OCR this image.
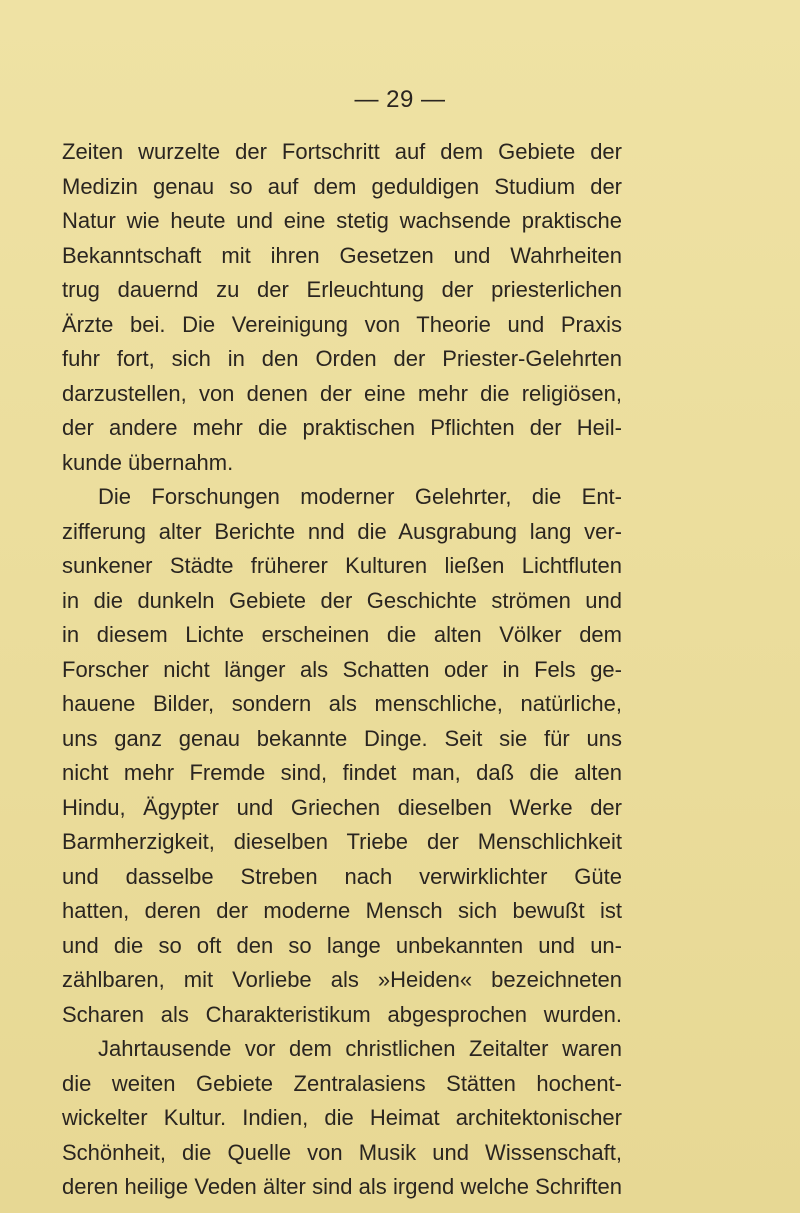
— 29 —
Zeiten wurzelte der Fortschritt auf dem Gebiete der
Medizin genau so auf dem geduldigen Studium der
Natur wie heute und eine stetig wachsende praktische
Bekanntschaft mit ihren Gesetzen und Wahrheiten
trug dauernd zu der Erleuchtung der priesterlichen
Ärzte bei. Die Vereinigung von Theorie und Praxis
fuhr fort, sich in den Orden der Priester-Gelehrten
darzustellen, von denen der eine mehr die religiösen,
der andere mehr die praktischen Pflichten der Heil-
kunde übernahm.
Die Forschungen moderner Gelehrter, die Ent-
zifferung alter Berichte nnd die Ausgrabung lang ver-
sunkener Städte früherer Kulturen ließen Lichtfluten
in die dunkeln Gebiete der Geschichte strömen und
in diesem Lichte erscheinen die alten Völker dem
Forscher nicht länger als Schatten oder in Fels ge-
hauene Bilder, sondern als menschliche, natürliche,
uns ganz genau bekannte Dinge. Seit sie für uns
nicht mehr Fremde sind, findet man, daß die alten
Hindu, Ägypter und Griechen dieselben Werke der
Barmherzigkeit, dieselben Triebe der Menschlichkeit
und dasselbe Streben nach verwirklichter Güte
hatten, deren der moderne Mensch sich bewußt ist
und die so oft den so lange unbekannten und un-
zählbaren, mit Vorliebe als »Heiden« bezeichneten
Scharen als Charakteristikum abgesprochen wurden.
Jahrtausende vor dem christlichen Zeitalter waren
die weiten Gebiete Zentralasiens Stätten hochent-
wickelter Kultur. Indien, die Heimat architektonischer
Schönheit, die Quelle von Musik und Wissenschaft,
deren heilige Veden älter sind als irgend welche Schriften
